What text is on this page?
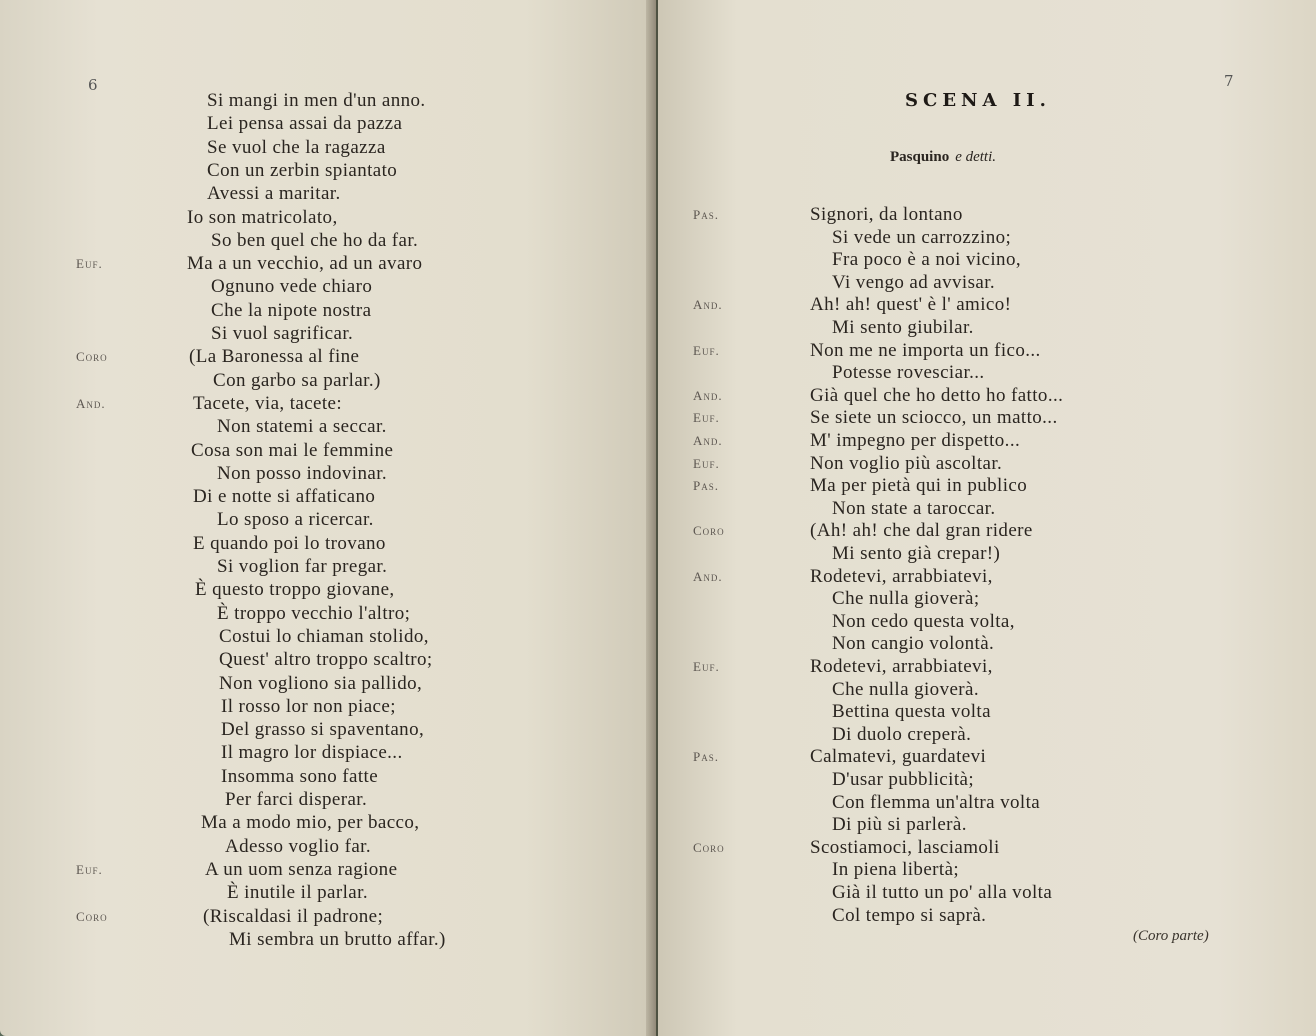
6
Si mangi in men d'un anno.
Lei pensa assai da pazza
Se vuol che la ragazza
Con un zerbin spiantato
Avessi a maritar.
Io son matricolato,
So ben quel che ho da far.
Euf.	Ma a un vecchio, ad un avaro
Ognuno vede chiaro
Che la nipote nostra
Si vuol sagrificar.
Coro	(La Baronessa al fine
Con garbo sa parlar.)
And.	Tacete, via, tacete:
Non statemi a seccar.
Cosa son mai le femmine
Non posso indovinar.
Di e notte si affaticano
Lo sposo a ricercar.
E quando poi lo trovano
Si voglion far pregar.
È questo troppo giovane,
È troppo vecchio l'altro;
Costui lo chiaman stolido,
Quest' altro troppo scaltro;
Non vogliono sia pallido,
Il rosso lor non piace;
Del grasso si spaventano,
Il magro lor dispiace...
Insomma sono fatte
Per farci disperar.
Ma a modo mio, per bacco,
Adesso voglio far.
Euf.	A un uom senza ragione
È inutile il parlar.
Coro	(Riscaldasi il padrone;
Mi sembra un brutto affar.)
7
SCENA II.
Pasquino e detti.
Pas.	Signori, da lontano
Si vede un carrozzino;
Fra poco è a noi vicino,
Vi vengo ad avvisar.
And.	Ah! ah! quest' è l' amico!
Mi sento giubilar.
Euf.	Non me ne importa un fico...
Potesse rovesciar...
And.	Già quel che ho detto ho fatto...
Euf.	Se siete un sciocco, un matto...
And.	M' impegno per dispetto...
Euf.	Non voglio più ascoltar.
Pas.	Ma per pietà qui in publico
Non state a taroccar.
Coro	(Ah! ah! che dal gran ridere
Mi sento già crepar!)
And.	Rodetevi, arrabbiatevi,
Che nulla gioverà;
Non cedo questa volta,
Non cangio volontà.
Euf.	Rodetevi, arrabbiatevi,
Che nulla gioverà.
Bettina questa volta
Di duolo creperà.
Pas.	Calmatevi, guardatevi
D'usar pubblicità;
Con flemma un'altra volta
Di più si parlerà.
Coro	Scostiamoci, lasciamoli
In piena libertà;
Già il tutto un po' alla volta
Col tempo si saprà.
(Coro parte)
